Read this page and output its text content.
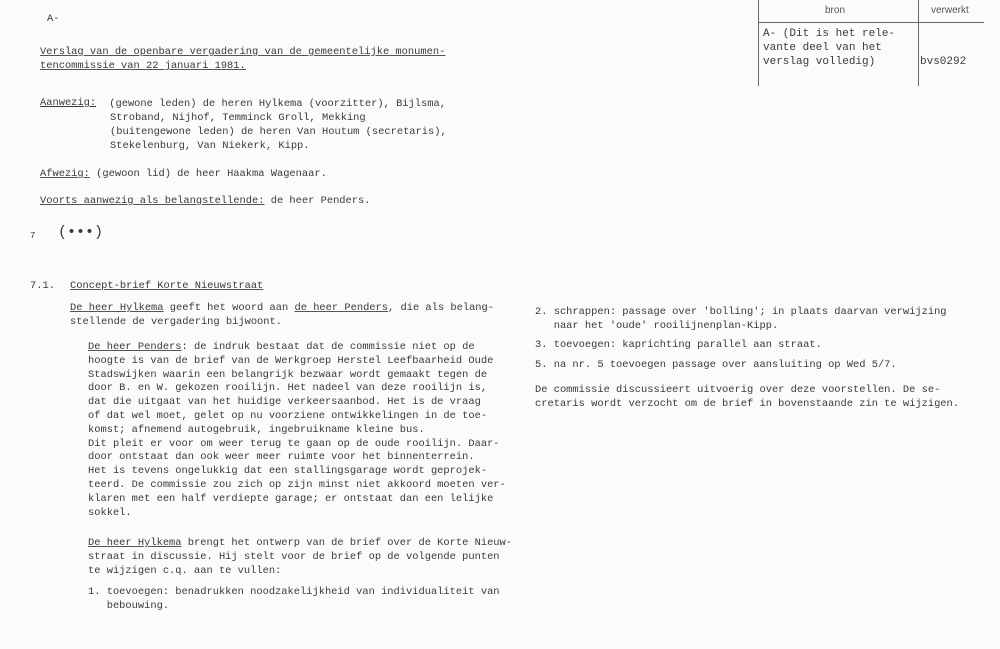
bron	verwerkt
A- (Dit is het rele-
vante deel van het
verslag volledig)	bvs0292
A-
Verslag van de openbare vergadering van de gemeentelijke monumen-
tencommissie van 22 januari 1981.
Aanwezig: (gewone leden) de heren Hylkema (voorzitter), Bijlsma,
Stroband, Nijhof, Temminck Groll, Mekking
(buitengewone leden) de heren Van Houtum (secretaris),
Stekelenburg, Van Niekerk, Kipp.
Afwezig: (gewoon lid) de heer Haakma Wagenaar.
Voorts aanwezig als belangstellende: de heer Penders.
7 (•••)
7.1. Concept-brief Korte Nieuwstraat
De heer Hylkema geeft het woord aan de heer Penders, die als belang-
stellende de vergadering bijwoont.
De heer Penders: de indruk bestaat dat de commissie niet op de
hoogte is van de brief van de Werkgroep Herstel Leefbaarheid Oude
Stadswijken waarin een belangrijk bezwaar wordt gemaakt tegen de
door B. en W. gekozen rooilijn. Het nadeel van deze rooilijn is,
dat die uitgaat van het huidige verkeersaanbod. Het is de vraag
of dat wel moet, gelet op nu voorziene ontwikkelingen in de toe-
komst; afnemend autogebruik, ingebruikname kleine bus.
Dit pleit er voor om weer terug te gaan op de oude rooilijn. Daar-
door ontstaat dan ook weer meer ruimte voor het binnenterrein.
Het is tevens ongelukkig dat een stallingsgarage wordt geprojek-
teerd. De commissie zou zich op zijn minst niet akkoord moeten ver-
klaren met een half verdiepte garage; er ontstaat dan een lelijke
sokkel.
De heer Hylkema brengt het ontwerp van de brief over de Korte Nieuw-
straat in discussie. Hij stelt voor de brief op de volgende punten
te wijzigen c.q. aan te vullen:
1. toevoegen: benadrukken noodzakelijkheid van individualiteit van
bebouwing.
2. schrappen: passage over 'bolling'; in plaats daarvan verwijzing
naar het 'oude' rooilijnenplan-Kipp.
3. toevoegen: kaprichting parallel aan straat.
5. na nr. 5 toevoegen passage over aansluiting op Wed 5/7.
De commissie discussieert uitvoerig over deze voorstellen. De se-
cretaris wordt verzocht om de brief in bovenstaande zin te wijzigen.
